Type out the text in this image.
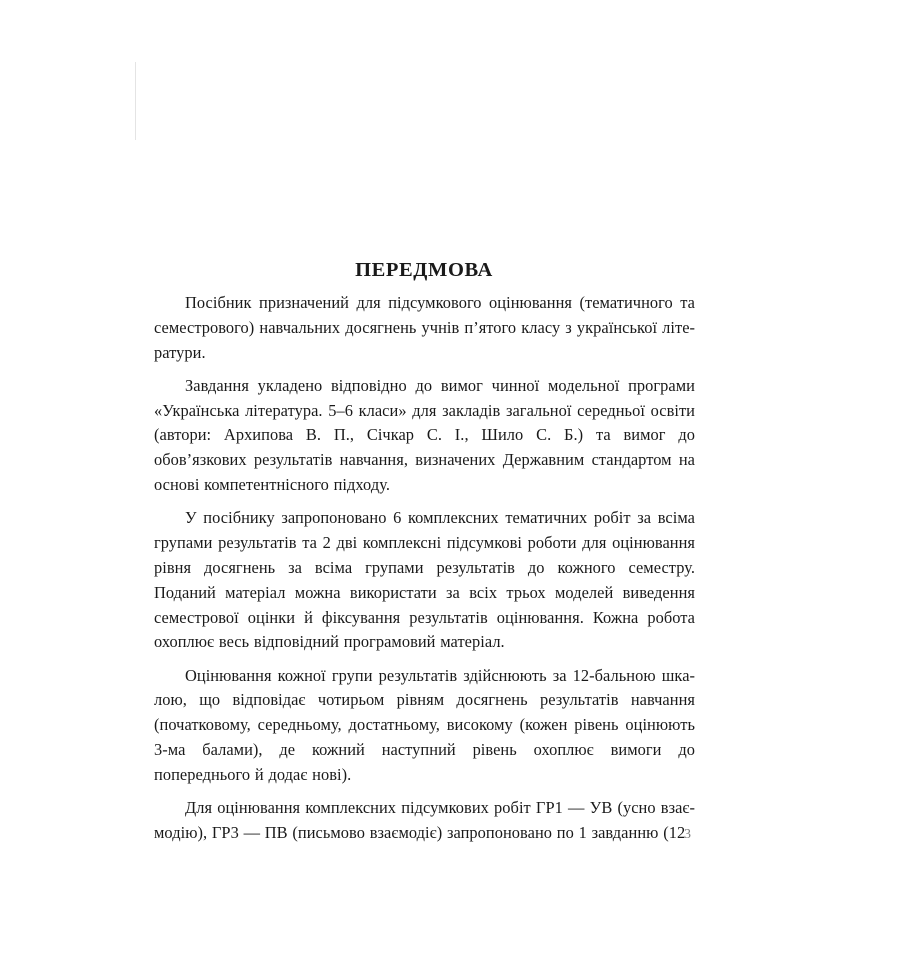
ПЕРЕДМОВА

Посібник призначений для підсумкового оцінювання (тематичного та семестрового) навчальних досягнень учнів п’ятого класу з української літератури.

Завдання укладено відповідно до вимог чинної модельної програми «Українська література. 5–6 класи» для закладів загальної середньої освіти (автори: Архипова В. П., Січкар С. І., Шило С. Б.) та вимог до обов’язкових результатів навчання, визначених Державним стандартом на основі компетентнісного підходу.

У посібнику запропоновано 6 комплексних тематичних робіт за всіма групами результатів та 2 дві комплексні підсумкові роботи для оцінювання рівня досягнень за всіма групами результатів до кожного семестру. Поданий матеріал можна використати за всіх трьох моделей виведення семестрової оцінки й фіксування результатів оцінювання. Кожна робота охоплює весь відповідний програмовий матеріал.

Оцінювання кожної групи результатів здійснюють за 12-бальною шкалою, що відповідає чотирьом рівням досягнень результатів навчання (початковому, середньому, достатньому, високому (кожен рівень оцінюють 3-ма балами), де кожний наступний рівень охоплює вимоги до попереднього й додає нові).

Для оцінювання комплексних підсумкових робіт ГР1 — УВ (усно взаємодію), ГР3 — ПВ (письмово взаємодіє) запропоновано по 1 завданню (12

3
